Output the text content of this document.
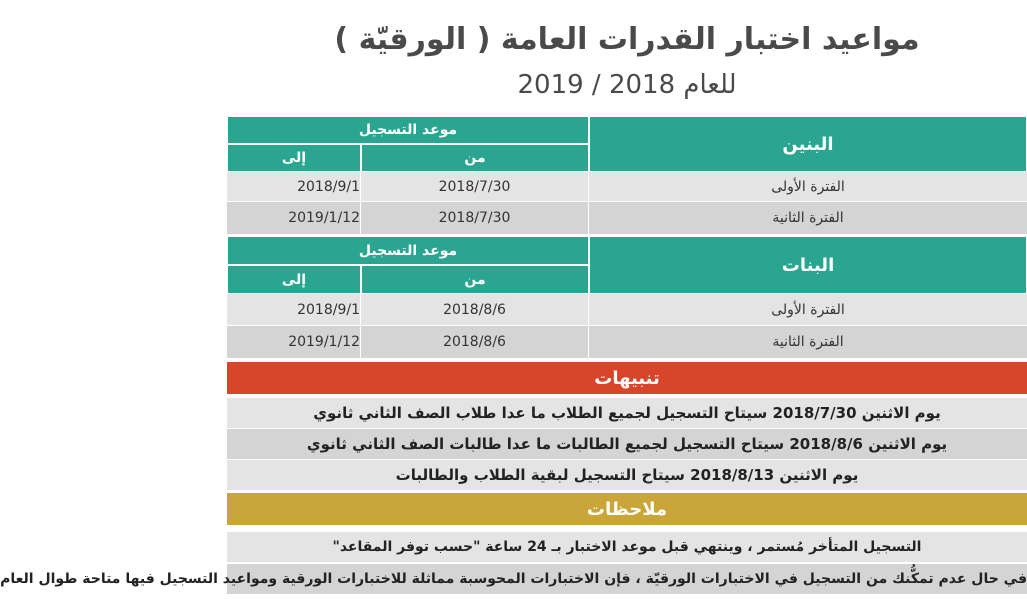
مواعيد اختبار القدرات العامة ( الورقيّة )
للعام 2018 / 2019
البنين
موعد التسجيل
من
إلى
الفترة الأولى
2018/7/30
2018/9/1
الفترة الثانية
2018/7/30
2019/1/12
البنات
موعد التسجيل
من
إلى
الفترة الأولى
2018/8/6
2018/9/1
الفترة الثانية
2018/8/6
2019/1/12
تنبيهات
يوم الاثنين 2018/7/30 سيتاح التسجيل لجميع الطلاب ما عدا طلاب الصف الثاني ثانوي
يوم الاثنين 2018/8/6 سيتاح التسجيل لجميع الطالبات ما عدا طالبات الصف الثاني ثانوي
يوم الاثنين 2018/8/13 سيتاح التسجيل لبقية الطلاب والطالبات
ملاحظات
التسجيل المتأخر مُستمر ، وينتهي قبل موعد الاختبار بـ 24 ساعة "حسب توفر المقاعد"
في حال عدم تمكُّنك من التسجيل في الاختبارات الورقيّة ، فإن الاختبارات المحوسبة مماثلة للاختبارات الورقية ومواعيد التسجيل فيها متاحة طوال العام
